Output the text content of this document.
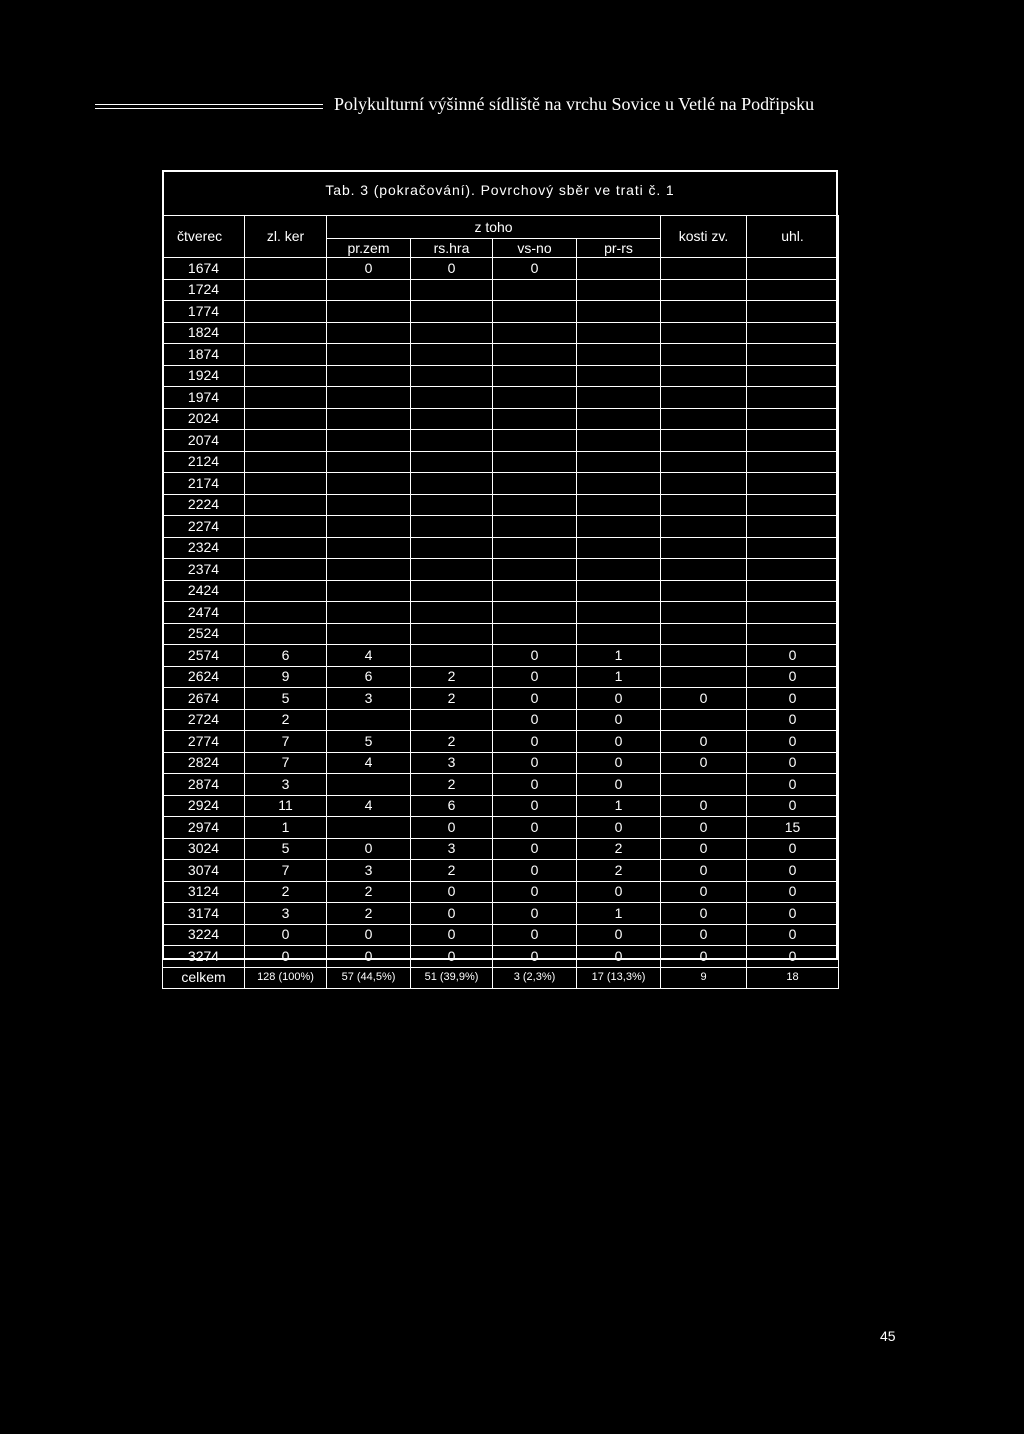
Polykulturní výšinné sídliště na vrchu Sovice u Vetlé na Podřipsku
Tab. 3 (pokračování). Povrchový sběr ve trati č. 1
čtverec	zl. ker	z toho				kosti zv.	uhl.
		pr.zem	rs.hra	vs-no	pr-rs		
1674		0	0	0			
1724							
1774							
1824							
1874							
1924							
1974							
2024							
2074							
2124							
2174							
2224							
2274							
2324							
2374							
2424							
2474							
2524							
2574	6	4		0	1		0
2624	9	6	2	0	1		0
2674	5	3	2	0	0	0	0
2724	2			0	0		0
2774	7	5	2	0	0	0	0
2824	7	4	3	0	0	0	0
2874	3		2	0	0		0
2924	11	4	6	0	1	0	0
2974	1		0	0	0	0	15
3024	5	0	3	0	2	0	0
3074	7	3	2	0	2	0	0
3124	2	2	0	0	0	0	0
3174	3	2	0	0	1	0	0
3224	0	0	0	0	0	0	0
3274	0	0	0	0	0	0	0
celkem	128 (100%)	57 (44,5%)	51 (39,9%)	3 (2,3%)	17 (13,3%)	9	18
45
